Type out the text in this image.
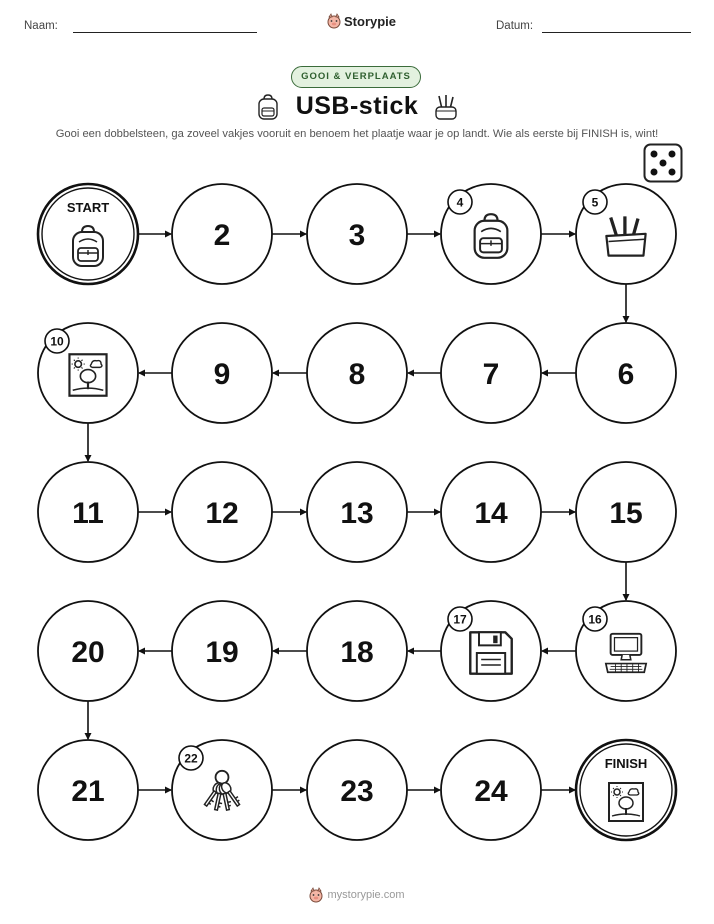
Naam:	Datum:
Storypie
GOOI & VERPLAATS
USB-stick
Gooi een dobbelsteen, ga zoveel vakjes vooruit en benoem het plaatje waar je op landt. Wie als eerste bij FINISH is, wint!
START
2	3
4	5
6
7
8
9
10
11	12	13	14	15
16
17
18
19
20
21
22
23	24
FINISH
mystorypie.com
